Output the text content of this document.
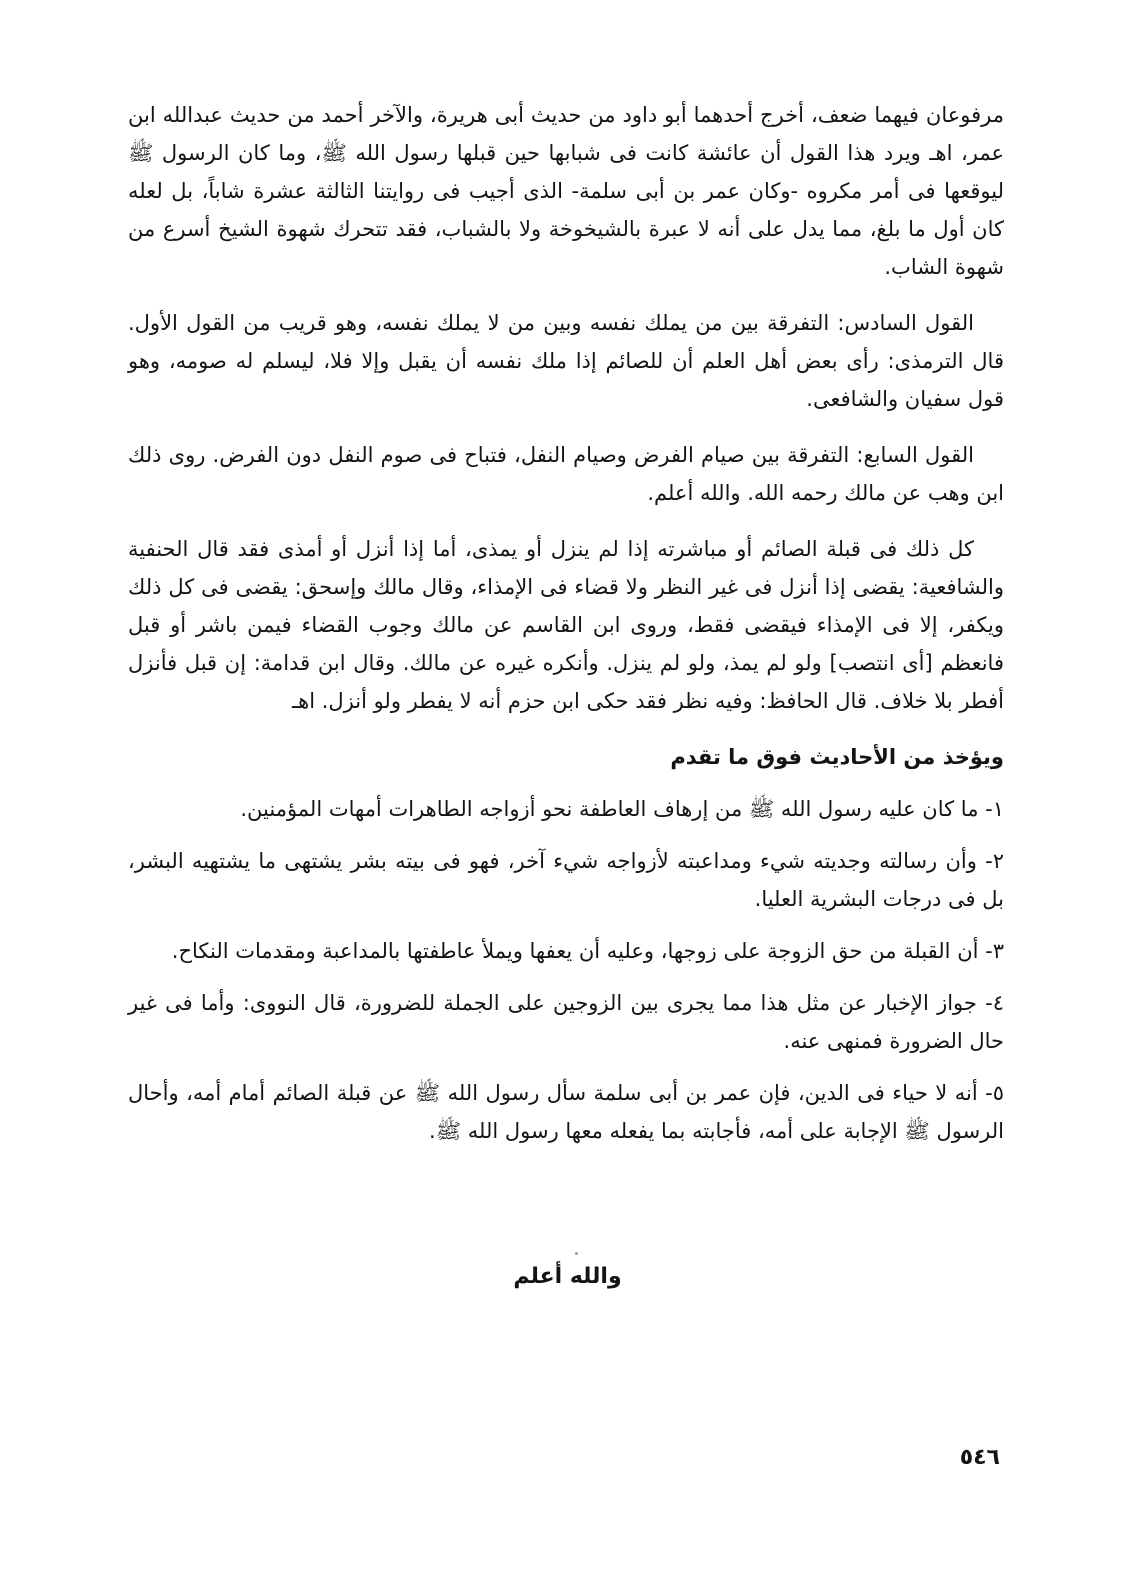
مرفوعان فيهما ضعف، أخرج أحدهما أبو داود من حديث أبى هريرة، والآخر أحمد من حديث عبدالله ابن عمر، اهـ ويرد هذا القول أن عائشة كانت فى شبابها حين قبلها رسول الله ﷺ، وما كان الرسول ﷺ ليوقعها فى أمر مكروه -وكان عمر بن أبى سلمة- الذى أجيب فى روايتنا الثالثة عشرة شاباً، بل لعله كان أول ما بلغ، مما يدل على أنه لا عبرة بالشيخوخة ولا بالشباب، فقد تتحرك شهوة الشيخ أسرع من شهوة الشاب.

القول السادس: التفرقة بين من يملك نفسه وبين من لا يملك نفسه، وهو قريب من القول الأول. قال الترمذى: رأى بعض أهل العلم أن للصائم إذا ملك نفسه أن يقبل وإلا فلا، ليسلم له صومه، وهو قول سفيان والشافعى.

القول السابع: التفرقة بين صيام الفرض وصيام النفل، فتباح فى صوم النفل دون الفرض. روى ذلك ابن وهب عن مالك رحمه الله. والله أعلم.

كل ذلك فى قبلة الصائم أو مباشرته إذا لم ينزل أو يمذى، أما إذا أنزل أو أمذى فقد قال الحنفية والشافعية: يقضى إذا أنزل فى غير النظر ولا قضاء فى الإمذاء، وقال مالك وإسحق: يقضى فى كل ذلك ويكفر، إلا فى الإمذاء فيقضى فقط، وروى ابن القاسم عن مالك وجوب القضاء فيمن باشر أو قبل فانعظم [أى انتصب] ولو لم يمذ، ولو لم ينزل. وأنكره غيره عن مالك. وقال ابن قدامة: إن قبل فأنزل أفطر بلا خلاف. قال الحافظ: وفيه نظر فقد حكى ابن حزم أنه لا يفطر ولو أنزل. اهـ

ويؤخذ من الأحاديث فوق ما تقدم

١- ما كان عليه رسول الله ﷺ من إرهاف العاطفة نحو أزواجه الطاهرات أمهات المؤمنين.

٢- وأن رسالته وجديته شيء ومداعبته لأزواجه شيء آخر، فهو فى بيته بشر يشتهى ما يشتهيه البشر، بل فى درجات البشرية العليا.

٣- أن القبلة من حق الزوجة على زوجها، وعليه أن يعفها ويملأ عاطفتها بالمداعبة ومقدمات النكاح.

٤- جواز الإخبار عن مثل هذا مما يجرى بين الزوجين على الجملة للضرورة، قال النووى: وأما فى غير حال الضرورة فمنهى عنه.

٥- أنه لا حياء فى الدين، فإن عمر بن أبى سلمة سأل رسول الله ﷺ عن قبلة الصائم أمام أمه، وأحال الرسول ﷺ الإجابة على أمه، فأجابته بما يفعله معها رسول الله ﷺ.

والله أعلم
٥٤٦
